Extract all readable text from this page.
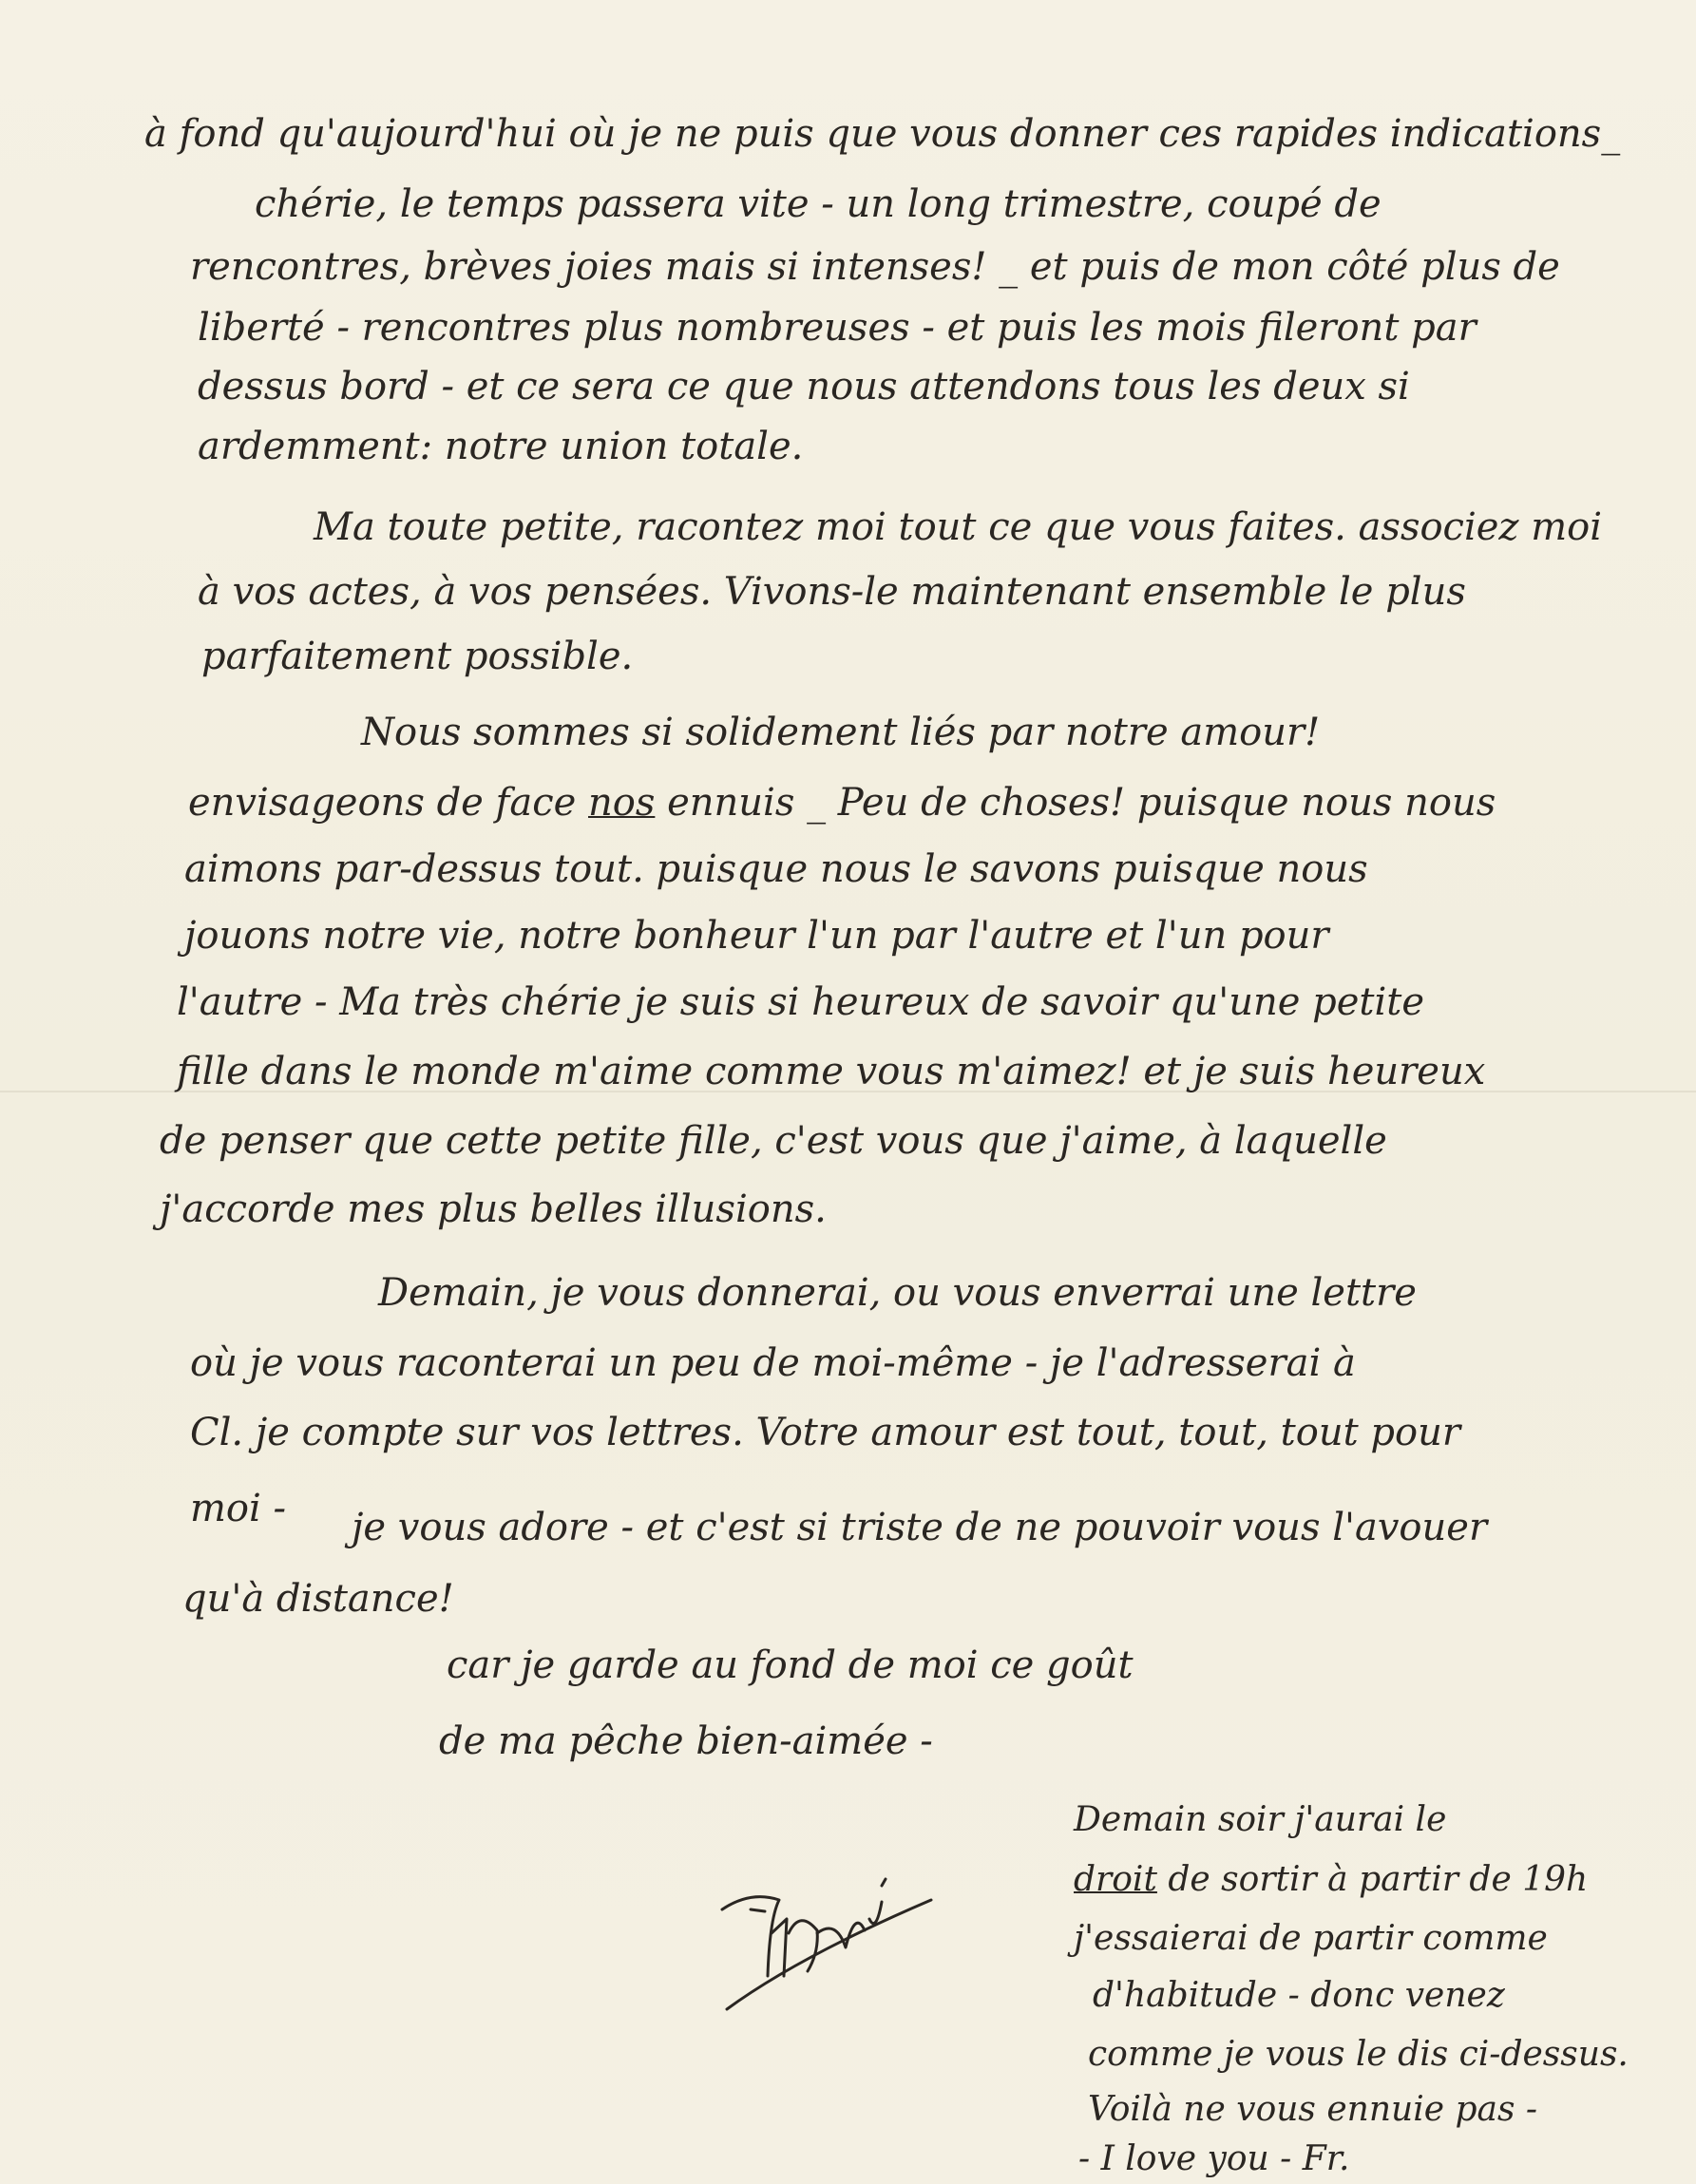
à fond qu'aujourd'hui où je ne puis que vous donner ces rapides indications_
chérie, le temps passera vite - un long trimestre, coupé de
rencontres, brèves joies mais si intenses! _ et puis de mon côté plus de
liberté - rencontres plus nombreuses - et puis les mois fileront par
dessus bord - et ce sera ce que nous attendons tous les deux si
ardemment: notre union totale.
Ma toute petite, racontez moi tout ce que vous faites. associez moi
à vos actes, à vos pensées. Vivons-le maintenant ensemble le plus
parfaitement possible.
Nous sommes si solidement liés par notre amour!
envisageons de face nos ennuis _ Peu de choses! puisque nous nous
aimons par-dessus tout. puisque nous le savons puisque nous
jouons notre vie, notre bonheur l'un par l'autre et l'un pour
l'autre - Ma très chérie je suis si heureux de savoir qu'une petite
fille dans le monde m'aime comme vous m'aimez! et je suis heureux
de penser que cette petite fille, c'est vous que j'aime, à laquelle
j'accorde mes plus belles illusions.
Demain, je vous donnerai, ou vous enverrai une lettre
où je vous raconterai un peu de moi-même - je l'adresserai à
Cl. je compte sur vos lettres. Votre amour est tout, tout, tout pour
moi - je vous adore - et c'est si triste de ne pouvoir vous l'avouer
qu'à distance!
car je garde au fond de moi ce goût
de ma pêche bien-aimée -
Demain soir j'aurai le
droit de sortir à partir de 19h
j'essaierai de partir comme
d'habitude - donc venez
comme je vous le dis ci-dessus.
Voilà ne vous ennuie pas -
- I love you - Fr.
